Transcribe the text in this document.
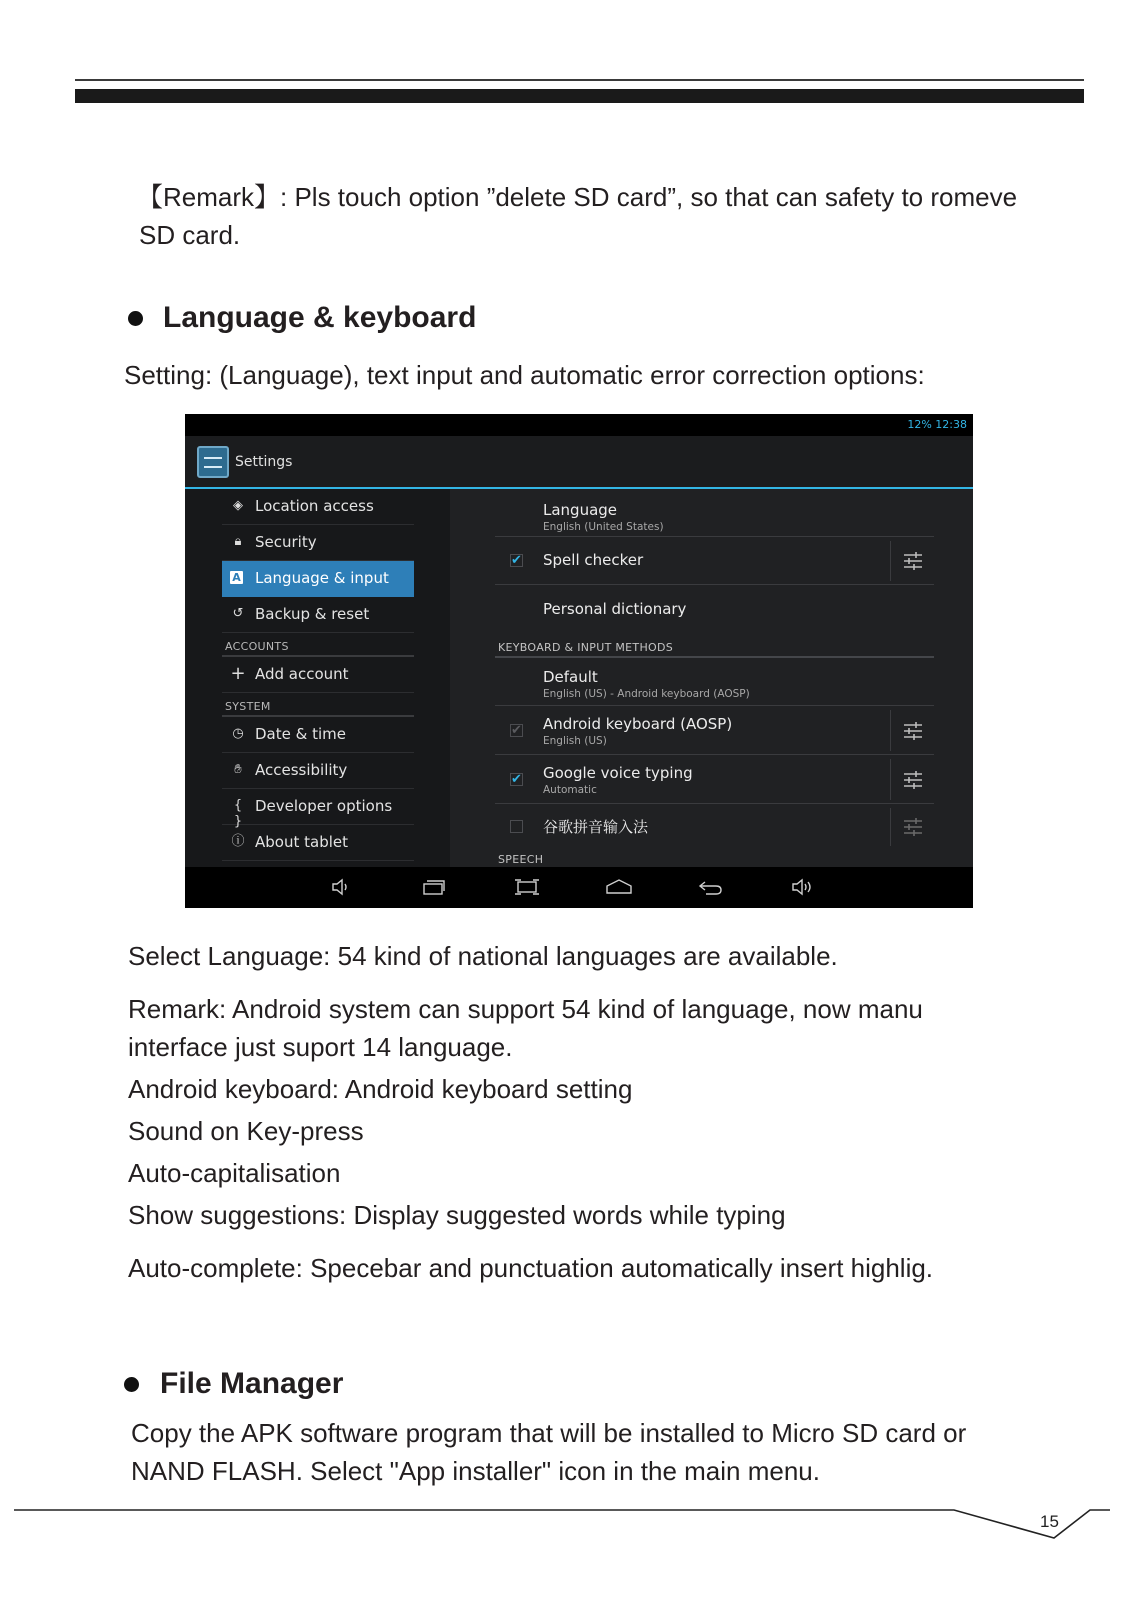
【Remark】: Pls touch option ”delete SD card”, so that can safety to romeve
SD card.
Language & keyboard
Setting: (Language), text input and automatic error correction options:
12% 12:38
Settings
◈ Location access
🔒︎ Security
A Language & input
↺ Backup & reset
ACCOUNTS
+ Add account
SYSTEM
◷ Date & time
✋︎ Accessibility
{ }
Developer options
ⓘ About tablet
Language
English (United States)
✔ Spell checker
Personal dictionary
KEYBOARD & INPUT METHODS
Default
English (US) - Android keyboard (AOSP)
✔ Android keyboard (AOSP)
English (US)
✔ Google voice typing
Automatic
谷歌拼音输入法
SPEECH
Select Language: 54 kind of national languages are available.
Remark: Android system can support 54 kind of language, now manu
interface just suport 14 language.
Android keyboard: Android keyboard setting
Sound on Key-press
Auto-capitalisation
Show suggestions: Display suggested words while typing
Auto-complete: Specebar and punctuation automatically insert highlig.
File Manager
Copy the APK software program that will be installed to Micro SD card or
NAND FLASH. Select "App installer" icon in the main menu.
15
